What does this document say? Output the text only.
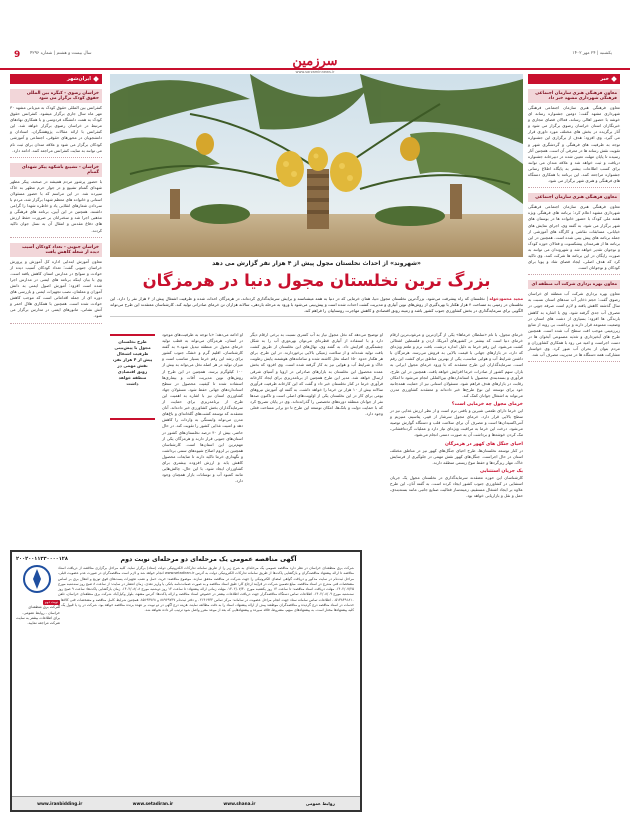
9 سال بیست و هشتم | شماره ۴۲۹۶
سرزمین
www.sarzaminnews.ir
یکشنبه | ۲۴ مهر ۱۴۰۲
خبر
معاون فرهنگی هنری سازمان اجتماعی فرهنگی شهرداری مشهد خبر داد
معاون فرهنگی هنری سازمان اجتماعی فرهنگی شهرداری مشهد گفت: دومین جشنواره رسانه ای خوشه با حضور اهالی رسانه، فعالان فضای مجازی و خبرنگاران استان خراسان رضوی برگزار می شود و آثار برگزیده در بخش های مختلف مورد داوری قرار می گیرد. وی افزود: هدف از برگزاری این جشنواره توجه به ظرفیت های فرهنگی و گردشگری شهر و تقویت نقش رسانه ها در معرفی آن است. همچنین آثار رسیده تا پایان مهلت تعیین شده در دبیرخانه جشنواره دریافت و ثبت خواهد شد و علاقه مندان می توانند برای کسب اطلاعات بیشتر به پایگاه اطلاع رسانی جشنواره مراجعه کنند. این برنامه با همکاری دستگاه های فرهنگی و هنری شهر برگزار می شود.
معاون فرهنگی هنری سازمان اجتماعی
معاون فرهنگی هنری سازمان اجتماعی فرهنگی شهرداری مشهد اعلام کرد: برنامه های فرهنگی ویژه هفته ملی کودک با حضور خانواده ها در بوستان های شهر برگزار می شود. به گفته وی، اجرای نمایش های خیابانی، مسابقات نقاشی و کارگاه های آموزشی از جمله برنامه های پیش بینی شده است. همچنین در این برنامه ها از هنرمندان پیشکسوت و فعالان حوزه کودک و نوجوان تقدیر خواهد شد و شهروندان می توانند به صورت رایگان در این برنامه ها شرکت کنند. وی تاکید کرد که هدف اصلی، ایجاد فضای شاد و پویا برای کودکان و نوجوانان است.
معاون بهره برداری شرکت آب منطقه ای
معاون بهره برداری شرکت آب منطقه ای خراسان رضوی گفت: حجم ذخایر آب سدهای استان نسبت به سال گذشته کاهش یافته و لازم است صرفه جویی در مصرف آب جدی گرفته شود. وی با اشاره به کاهش بارندگی ها افزود: بسیاری از دشت های استان در وضعیت ممنوعه قرار دارند و برداشت بی رویه از منابع زیرزمینی موجب افت سطح آب شده است. همچنین طرح های آبخیزداری و تغذیه مصنوعی آبخوان ها در دست اجراست و امید می رود با همکاری کشاورزان و مردم بتوان از بحران آب عبور کرد. وی خواستار مشارکت همه دستگاه ها در مدیریت مصرف آب شد.
ایران‌شهر
خراسان رضوی - کنگره بین المللی حقوق کودک برگزار می شود
کنفرانس بین المللی حقوق کودک به میزبانی مشهد ۳۰ مهر ماه سال جاری برگزار میشود. کنفرانس حقوق کودک به همت دانشگاه فردوسی و با همکاری نهادهای مرتبط در خراسان رضوی برگزار خواهد شد. این کنفرانس با ارائه مقالات پژوهشگران، استادان و دانشجویان در محورهای حقوقی، اجتماعی و آموزشی کودکان برگزار می شود و علاقه مندان برای ثبت نام می توانند به سایت کنفرانس مراجعه کنند. ادامه دارد.
خراسان - تشییع باشکوه پیکر شهدای گمنام
با حضور پرشور مردم همیشه در صحنه، پیکر مطهر شهدای گمنام تشییع و در جوار حرم مطهر به خاک سپرده شد. در این مراسم که با حضور مسئولان استانی و خانواده های معظم شهدا برگزار شد، مردم با سردادن شعارهای انقلابی یاد و خاطره شهدا را گرامی داشتند. همچنین در این آیین، برنامه های فرهنگی و مذهبی اجرا شد و سخنرانان بر ضرورت حفظ ارزش های دفاع مقدس و انتقال آن به نسل جوان تاکید کردند.
خراسان جنوبی - تعداد کودکان آسیب دیده از شعله کاهش یافت
معاون آموزش ابتدایی اداره کل آموزش و پرورش خراسان جنوبی گفت: تعداد کودکان آسیب دیده از حوادث و سوانح در مدارس استان کاهش یافته است. وی با بیان اینکه برنامه های ایمنی در مدارس اجرا شده است افزود: آموزش اصول ایمنی به دانش آموزان و معلمان، نصب تجهیزات ایمنی و بازرسی های دوره ای از جمله اقداماتی است که موجب کاهش حوادث شده است. همچنین با همکاری هلال احمر و آتش نشانی، مانورهای ایمنی در مدارس برگزار می شود.
«شهروند» از احداث نخلستان مجول پیش از ۴ هزار نفر گزارش می دهد
بزرگ ترین نخلستان مجول دنیا در هرمزگان
مجید محمودخواه | نخلستان که راه پیشرفت می‌شود. بزرگ‌ترین نخلستان مجول دنیا، همان خرمایی که در دنیا به همه میشناسند و برایش سرمایه‌گذاری کرده‌اند، در هرمزگان احداث شده و ظرفیت اشتغال پیش از ۴ هزار نفر را دارد. این نخلستان در زمینی به مساحت ۴ هزار هکتار با بهره‌گیری از روش‌های نوین آبیاری و مدیریت کشت احداث شده است و پیش‌بینی می‌شود با ورود به مرحله باردهی، سالانه هزاران تن خرمای صادراتی تولید کند. کارشناسان معتقدند این طرح می‌تواند الگویی برای سرمایه‌گذاری در بخش کشاورزی جنوب کشور باشد و زمینه رونق اقتصادی و کاهش مهاجرت روستاییان را فراهم کند.
خرمای مجول، با نام «سلطان خرماها» یکی از گران‌ترین و مرغوب‌ترین ارقام خرمای دنیا است که بیشتر در کشورهای آمریکا، اردن و فلسطین اشغالی کشت می‌شود. این رقم خرما به دلیل اندازه درشت، بافت نرم و طعم ویژه‌ای که دارد، در بازارهای جهانی با قیمت بالایی به فروش می‌رسد. هرمزگان با داشتن شرایط آب و هوایی مناسب، یکی از بهترین مناطق برای کشت این رقم است. سرمایه‌گذاران این طرح معتقدند که با ورود خرمای مجول ایرانی به بازار، سهم کشور از صادرات خرما افزایش خواهد یافت. همچنین در این طرح، فرآوری و بسته‌بندی محصول با استانداردهای بین‌المللی انجام می‌شود تا امکان رقابت در بازارهای هدف فراهم شود. مسئولان استانی نیز از حمایت همه‌جانبه خود برای توسعه این نوع طرح‌ها خبر داده‌اند و معتقدند کشاورزی مدرن می‌تواند به اشتغال جوانان کمک کند.
خرمای مجول چه خرمایی است؟
این خرما دارای طعمی شیرین و بافتی نرم است و از نظر ارزش غذایی نیز در سطح بالایی قرار دارد. خرمای مجول سرشار از فیبر، پتاسیم، منیزیم و آنتی‌اکسیدان‌ها است و مصرف آن برای سلامت قلب و دستگاه گوارش توصیه می‌شود. درخت این خرما به مراقبت ویژه‌ای نیاز دارد و عملیات گرده‌افشانی، تنک کردن خوشه‌ها و برداشت آن به صورت دستی انجام می‌شود.
احیای جنگل های کهور در هرمزگان
در کنار توسعه نخلستان‌ها، طرح احیای جنگل‌های کهور نیز در مناطق مختلف استان در حال اجراست. جنگل‌های کهور نقش مهمی در جلوگیری از فرسایش خاک، مهار ریزگردها و حفظ تنوع زیستی منطقه دارند.
یک جریان استثنایی
کارشناسان این حوزه معتقدند سرمایه‌گذاری در نخلستان مجول یک جریان استثنایی در کشاورزی جنوب کشور ایجاد کرده است. به گفته آنان، این طرح علاوه بر ایجاد اشتغال مستقیم، زمینه‌ساز فعالیت صنایع جانبی مانند بسته‌بندی، حمل و نقل و بازاریابی خواهد بود.
او توضیح می‌دهد که نخل مجول نیاز به آب کمتری نسبت به برخی ارقام دیگر دارد و با استفاده از آبیاری قطره‌ای می‌توان بهره‌وری آب را به شکل چشمگیری افزایش داد. به گفته وی، نهال‌های این نخلستان از طریق کشت بافت تولید شده‌اند و از سلامت ژنتیکی بالایی برخوردارند. در این طرح، برای هر هکتار حدود ۱۵۰ اصله نخل کاشته شده و سامانه‌های هوشمند پایش رطوبت خاک و شرایط آب و هوایی نیز به کار گرفته شده است. وی افزود که بخش عمده محصول این نخلستان به بازارهای صادراتی در اروپا و آسیای شرقی ارسال خواهد شد. مدیر این طرح همچنین از برنامه‌ریزی برای ایجاد کارخانه فرآوری خرما در کنار نخلستان خبر داد و گفت که این کارخانه ظرفیت فرآوری سالانه بیش از ۱۰ هزار تن خرما را خواهد داشت. به گفته او، آموزش نیروهای بومی برای کار در این نخلستان یکی از اولویت‌های اصلی است و تاکنون صدها نفر از جوانان منطقه دوره‌های تخصصی را گذرانده‌اند. وی در پایان تصریح کرد که با حمایت دولت و بانک‌ها، امکان توسعه این طرح تا دو برابر مساحت فعلی وجود دارد.
او ادامه می‌دهد: «با توجه به ظرفیت‌های موجود در استان، هرمزگان می‌تواند به قطب تولید خرمای مجول در منطقه تبدیل شود.» به گفته کارشناسان، اقلیم گرم و خشک جنوب کشور برای رشد این رقم خرما بسیار مناسب است و میزان تولید در هر اصله نخل می‌تواند به بیش از ۱۰۰ کیلوگرم برسد. همچنین در این طرح از روش‌های نوین مدیریت آفات و بیماری‌ها استفاده شده تا کیفیت محصول در سطح استانداردهای جهانی حفظ شود. مسئولان جهاد کشاورزی استان نیز با اشاره به اهمیت این طرح، از برنامه‌ریزی برای حمایت از سرمایه‌گذاران بخش کشاورزی خبر داده‌اند. آنان معتقدند که توسعه کشت‌های گلخانه‌ای و باغ‌های مدرن می‌تواند وابستگی به واردات را کاهش دهد و امنیت غذایی کشور را تقویت کند. در حال حاضر، بیش از ۴۰ درصد نخلستان‌های کشور در استان‌های جنوبی قرار دارند و هرمزگان یکی از مهم‌ترین این استان‌ها است. کارشناسان همچنین بر لزوم اصلاح شیوه‌های سنتی برداشت و نگهداری خرما تاکید دارند تا ضایعات محصول کاهش یابد و ارزش افزوده بیشتری برای کشاورزان ایجاد شود. با این حال، چالش‌هایی مانند کمبود آب و نوسانات بازار همچنان وجود دارد.
طرح نخلستان مجول با پیش‌بینی ظرفیت اشتغال پیش از ۴ هزار نفر، نقش مهمی در رونق اقتصادی منطقه خواهد داشت
آگهی مناقصه عمومی یک مرحله‌ای دو مرحله‌ای نوبت دوم
۲۰۰۲۰۰۱۱۳۳۰۰۰۰۱۲۸
نوبت دوم
شرکت برق منطقه‌ای خراسان - روابط عمومی. برای اطلاعات بیشتر به سایت شرکت مراجعه نمایید.
شرکت برق منطقه‌ای خراسان در نظر دارد مناقصه عمومی یک مرحله‌ای به شرح زیر را از طریق سامانه تدارکات الکترونیکی دولت (ستاد) برگزار نماید. کلیه مراحل برگزاری مناقصه از دریافت اسناد مناقصه تا ارائه پیشنهاد مناقصه‌گران و بازگشایی پاکت‌ها از طریق سامانه تدارکات الکترونیکی دولت به آدرس www.setadiran.ir انجام خواهد شد و لازم است مناقصه‌گران در صورت عدم عضویت قبلی، مراحل ثبت‌نام در سایت مذکور و دریافت گواهی امضای الکترونیکی را جهت شرکت در مناقصه محقق سازند. موضوع مناقصه: خرید، حمل و نصب تجهیزات پست‌های فوق توزیع و انتقال برق بر اساس مشخصات فنی مندرج در اسناد مناقصه. مبلغ تضمین شرکت در فرآیند ارجاع کار: طبق اسناد مناقصه و به صورت ضمانت‌نامه بانکی یا واریز نقدی. زمان انتشار در سایت: از ساعت ۸ صبح روز سه‌شنبه مورخ ۱۴۰۲/۰۷/۲۵. مهلت دریافت اسناد مناقصه: تا ساعت ۱۴ روز یکشنبه مورخ ۱۴۰۲/۰۷/۳۰. مهلت زمانی ارائه پیشنهاد: تا ساعت ۱۴ روز دوشنبه مورخ ۱۴۰۲/۰۸/۰۸. زمان بازگشایی پاکت‌ها: ساعت ۹ صبح روز سه‌شنبه مورخ ۱۴۰۲/۰۸/۰۹. اطلاعات تماس دستگاه مناقصه‌گزار جهت دریافت اطلاعات بیشتر در خصوص اسناد مناقصه و ارائه پاکت‌ها: آدرس مشهد، بلوار وکیل‌آباد، شرکت برق منطقه‌ای خراسان، تلفن ۰۵۱۳۸۴۹۱۸۱۰. اطلاعات تماس سامانه ستاد جهت انجام مراحل عضویت در سامانه: مرکز تماس ۰۲۱۴۱۹۳۴ و دفتر ثبت‌نام ۸۸۹۶۹۷۳۷ و ۸۵۱۹۳۷۶۸. همچنین شرایط کامل مناقصه و مشخصات فنی کالاها و خدمات در اسناد مناقصه درج گردیده و مناقصه‌گران موظفند پیش از ارائه پیشنهاد، اسناد را به دقت مطالعه نمایند. هزینه درج آگهی در دو نوبت بر عهده برنده مناقصه خواهد بود. شرکت در رد یا قبول یک یا کلیه پیشنهادها مختار است. به پیشنهادهای مبهم، مشروط، فاقد سپرده و پیشنهادهایی که بعد از موعد مقرر واصل شود ترتیب اثر داده نخواهد شد.
روابط عمومی
www.shana.ir
www.setadiran.ir
www.iranbidding.ir
